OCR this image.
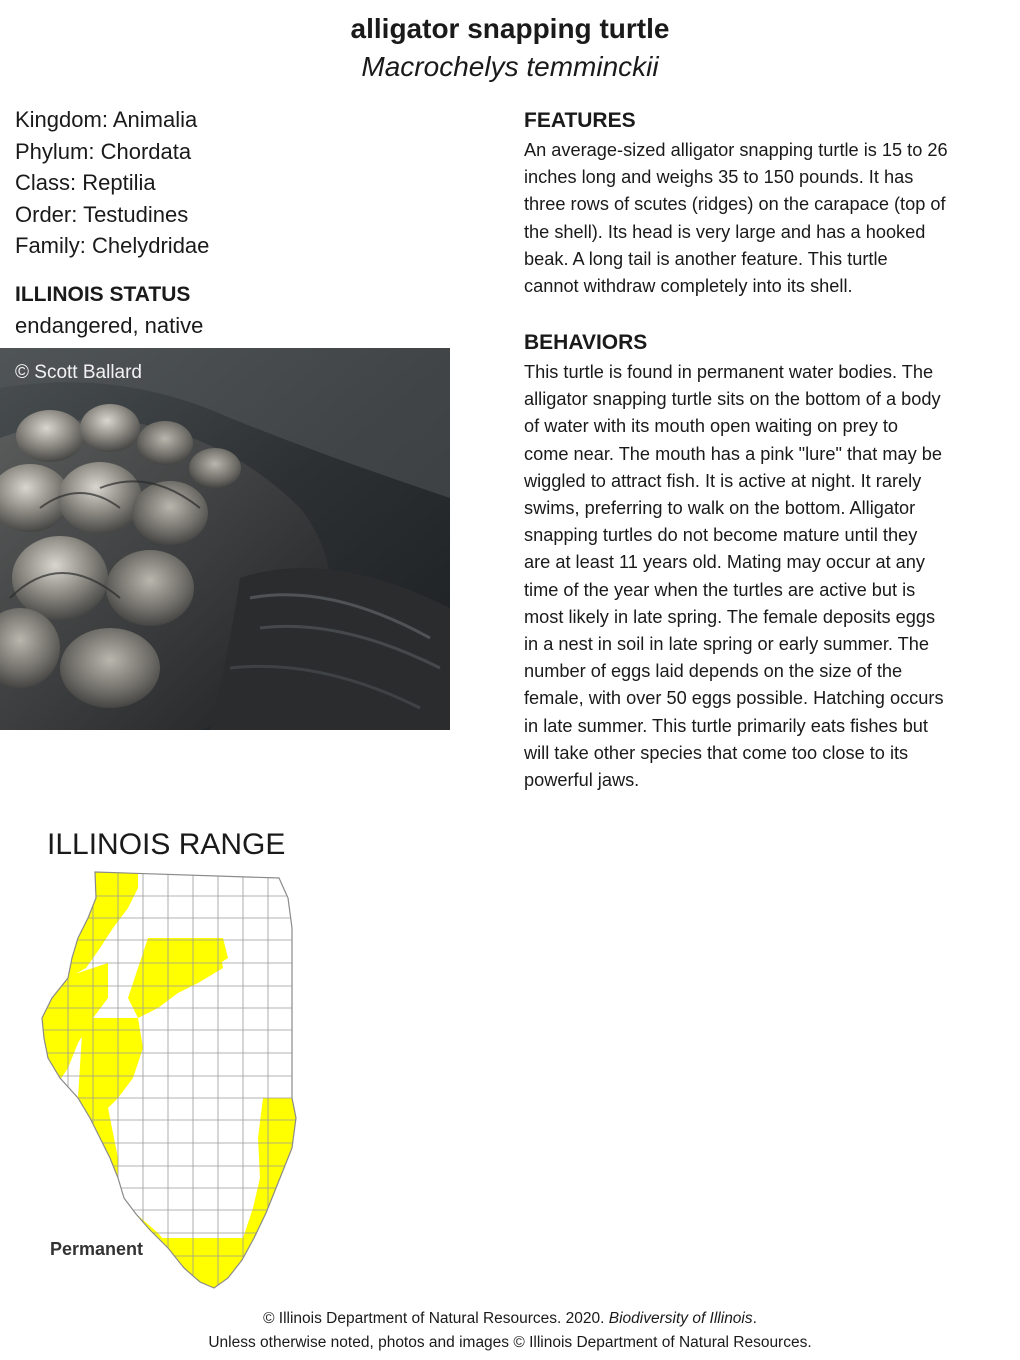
alligator snapping turtle
Macrochelys temminckii
Kingdom: Animalia
Phylum: Chordata
Class: Reptilia
Order: Testudines
Family: Chelydridae
ILLINOIS STATUS
endangered, native
© Scott Ballard
FEATURES
An average-sized alligator snapping turtle is 15 to 26
inches long and weighs 35 to 150 pounds. It has
three rows of scutes (ridges) on the carapace (top of
the shell). Its head is very large and has a hooked
beak. A long tail is another feature. This turtle
cannot withdraw completely into its shell.
BEHAVIORS
This turtle is found in permanent water bodies. The
alligator snapping turtle sits on the bottom of a body
of water with its mouth open waiting on prey to
come near. The mouth has a pink "lure" that may be
wiggled to attract fish. It is active at night. It rarely
swims, preferring to walk on the bottom. Alligator
snapping turtles do not become mature until they
are at least 11 years old. Mating may occur at any
time of the year when the turtles are active but is
most likely in late spring. The female deposits eggs
in a nest in soil in late spring or early summer. The
number of eggs laid depends on the size of the
female, with over 50 eggs possible. Hatching occurs
in late summer. This turtle primarily eats fishes but
will take other species that come too close to its
powerful jaws.
ILLINOIS RANGE
Permanent
© Illinois Department of Natural Resources. 2020. Biodiversity of Illinois.
Unless otherwise noted, photos and images © Illinois Department of Natural Resources.
